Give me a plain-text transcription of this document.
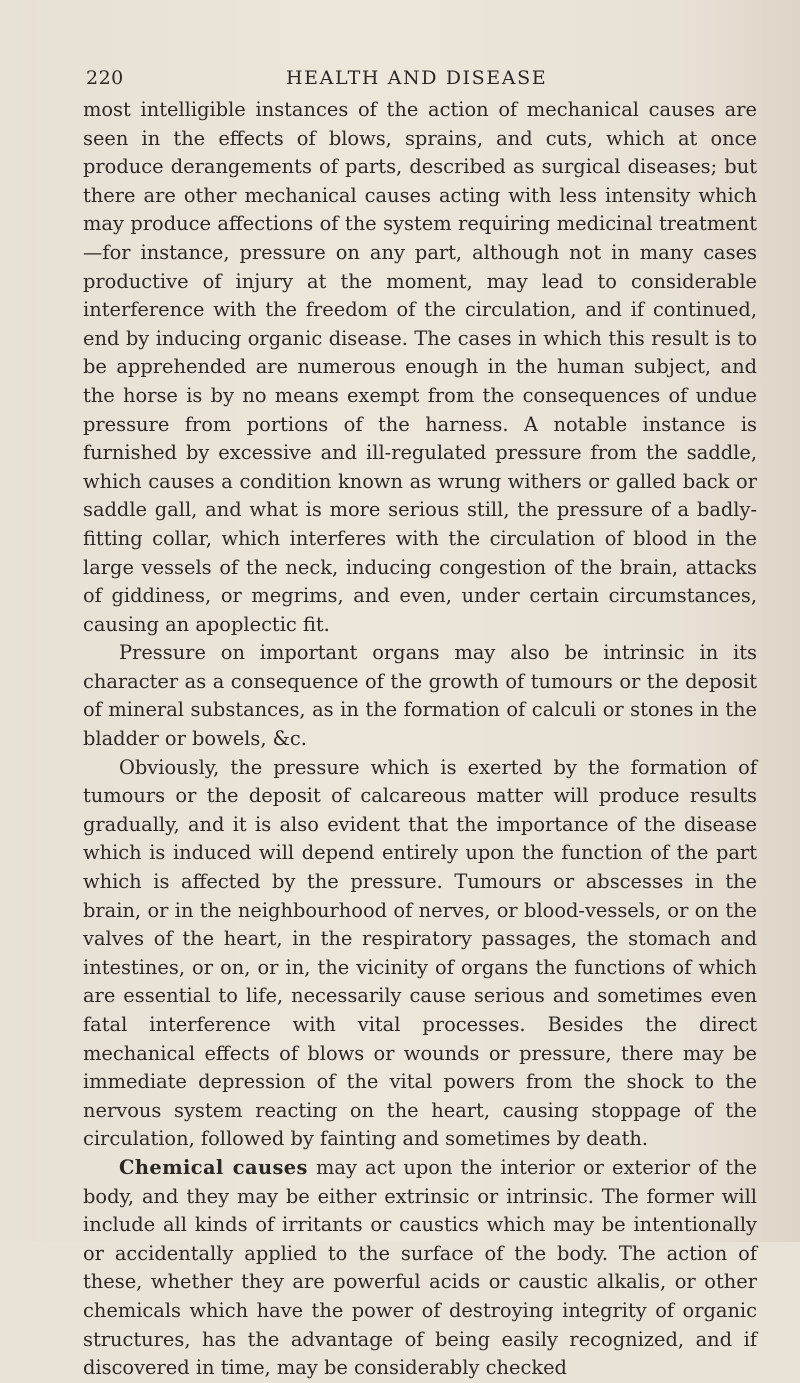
220	HEALTH AND DISEASE

most intelligible instances of the action of mechanical causes are seen in the effects of blows, sprains, and cuts, which at once produce derangements of parts, described as surgical diseases; but there are other mechanical causes acting with less intensity which may produce affections of the system requiring medicinal treatment—for instance, pressure on any part, although not in many cases productive of injury at the moment, may lead to considerable interference with the freedom of the circulation, and if continued, end by inducing organic disease. The cases in which this result is to be apprehended are numerous enough in the human subject, and the horse is by no means exempt from the consequences of undue pressure from portions of the harness. A notable instance is furnished by excessive and ill-regulated pressure from the saddle, which causes a condition known as wrung withers or galled back or saddle gall, and what is more serious still, the pressure of a badly-fitting collar, which interferes with the circulation of blood in the large vessels of the neck, inducing congestion of the brain, attacks of giddiness, or megrims, and even, under certain circumstances, causing an apoplectic fit.

Pressure on important organs may also be intrinsic in its character as a consequence of the growth of tumours or the deposit of mineral substances, as in the formation of calculi or stones in the bladder or bowels, &c.

Obviously, the pressure which is exerted by the formation of tumours or the deposit of calcareous matter will produce results gradually, and it is also evident that the importance of the disease which is induced will depend entirely upon the function of the part which is affected by the pressure. Tumours or abscesses in the brain, or in the neighbourhood of nerves, or blood-vessels, or on the valves of the heart, in the respiratory passages, the stomach and intestines, or on, or in, the vicinity of organs the functions of which are essential to life, necessarily cause serious and sometimes even fatal interference with vital processes. Besides the direct mechanical effects of blows or wounds or pressure, there may be immediate depression of the vital powers from the shock to the nervous system reacting on the heart, causing stoppage of the circulation, followed by fainting and sometimes by death.

Chemical causes may act upon the interior or exterior of the body, and they may be either extrinsic or intrinsic. The former will include all kinds of irritants or caustics which may be intentionally or accidentally applied to the surface of the body. The action of these, whether they are powerful acids or caustic alkalis, or other chemicals which have the power of destroying integrity of organic structures, has the advantage of being easily recognized, and if discovered in time, may be considerably checked
